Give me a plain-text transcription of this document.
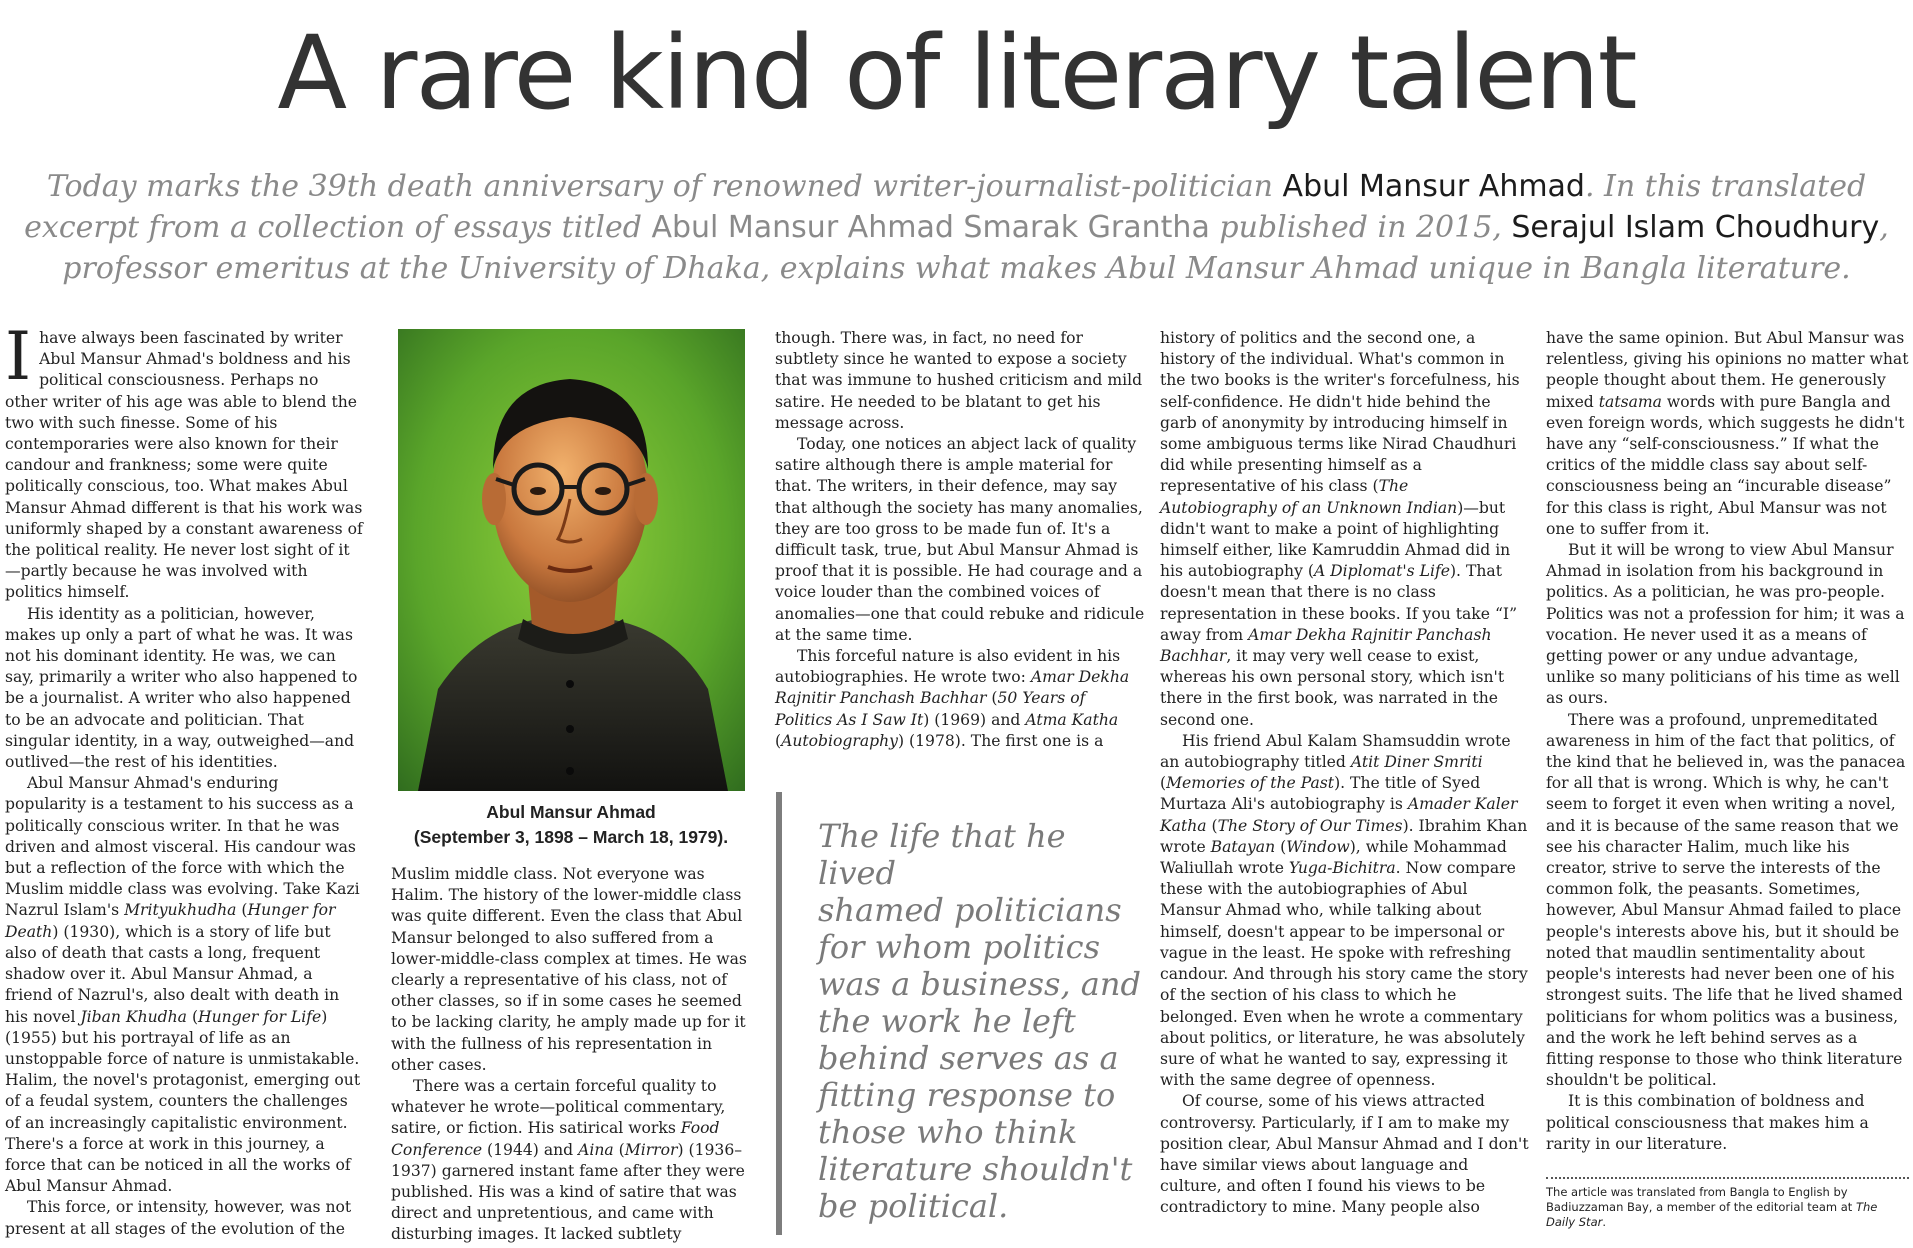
A rare kind of literary talent

Today marks the 39th death anniversary of renowned writer-journalist-politician Abul Mansur Ahmad. In this translated excerpt from a collection of essays titled Abul Mansur Ahmad Smarak Grantha published in 2015, Serajul Islam Choudhury, professor emeritus at the University of Dhaka, explains what makes Abul Mansur Ahmad unique in Bangla literature.

I have always been fascinated by writer Abul Mansur Ahmad's boldness and his political consciousness. Perhaps no other writer of his age was able to blend the two with such finesse. Some of his contemporaries were also known for their candour and frankness; some were quite politically conscious, too. What makes Abul Mansur Ahmad different is that his work was uniformly shaped by a constant awareness of the political reality. He never lost sight of it—partly because he was involved with politics himself.

His identity as a politician, however, makes up only a part of what he was. It was not his dominant identity. He was, we can say, primarily a writer who also happened to be a journalist. A writer who also happened to be an advocate and politician. That singular identity, in a way, outweighed—and outlived—the rest of his identities.

Abul Mansur Ahmad's enduring popularity is a testament to his success as a politically conscious writer. In that he was driven and almost visceral. His candour was but a reflection of the force with which the Muslim middle class was evolving. Take Kazi Nazrul Islam's Mrityukhudha (Hunger for Death) (1930), which is a story of life but also of death that casts a long, frequent shadow over it. Abul Mansur Ahmad, a friend of Nazrul's, also dealt with death in his novel Jiban Khudha (Hunger for Life) (1955) but his portrayal of life as an unstoppable force of nature is unmistakable. Halim, the novel's protagonist, emerging out of a feudal system, counters the challenges of an increasingly capitalistic environment. There's a force at work in this journey, a force that can be noticed in all the works of Abul Mansur Ahmad.

This force, or intensity, however, was not present at all stages of the evolution of the

Abul Mansur Ahmad
(September 3, 1898 – March 18, 1979).

Muslim middle class. Not everyone was Halim. The history of the lower-middle class was quite different. Even the class that Abul Mansur belonged to also suffered from a lower-middle-class complex at times. He was clearly a representative of his class, not of other classes, so if in some cases he seemed to be lacking clarity, he amply made up for it with the fullness of his representation in other cases.

There was a certain forceful quality to whatever he wrote—political commentary, satire, or fiction. His satirical works Food Conference (1944) and Aina (Mirror) (1936–1937) garnered instant fame after they were published. His was a kind of satire that was direct and unpretentious, and came with disturbing images. It lacked subtlety

though. There was, in fact, no need for subtlety since he wanted to expose a society that was immune to hushed criticism and mild satire. He needed to be blatant to get his message across.

Today, one notices an abject lack of quality satire although there is ample material for that. The writers, in their defence, may say that although the society has many anomalies, they are too gross to be made fun of. It's a difficult task, true, but Abul Mansur Ahmad is proof that it is possible. He had courage and a voice louder than the combined voices of anomalies—one that could rebuke and ridicule at the same time.

This forceful nature is also evident in his autobiographies. He wrote two: Amar Dekha Rajnitir Panchash Bachhar (50 Years of Politics As I Saw It) (1969) and Atma Katha (Autobiography) (1978). The first one is a

The life that he lived
shamed politicians
for whom politics
was a business, and
the work he left
behind serves as a
fitting response to
those who think
literature shouldn't
be political.

history of politics and the second one, a history of the individual. What's common in the two books is the writer's forcefulness, his self-confidence. He didn't hide behind the garb of anonymity by introducing himself in some ambiguous terms like Nirad Chaudhuri did while presenting himself as a representative of his class (The Autobiography of an Unknown Indian)—but didn't want to make a point of highlighting himself either, like Kamruddin Ahmad did in his autobiography (A Diplomat's Life). That doesn't mean that there is no class representation in these books. If you take “I” away from Amar Dekha Rajnitir Panchash Bachhar, it may very well cease to exist, whereas his own personal story, which isn't there in the first book, was narrated in the second one.

His friend Abul Kalam Shamsuddin wrote an autobiography titled Atit Diner Smriti (Memories of the Past). The title of Syed Murtaza Ali's autobiography is Amader Kaler Katha (The Story of Our Times). Ibrahim Khan wrote Batayan (Window), while Mohammad Waliullah wrote Yuga-Bichitra. Now compare these with the autobiographies of Abul Mansur Ahmad who, while talking about himself, doesn't appear to be impersonal or vague in the least. He spoke with refreshing candour. And through his story came the story of the section of his class to which he belonged. Even when he wrote a commentary about politics, or literature, he was absolutely sure of what he wanted to say, expressing it with the same degree of openness.

Of course, some of his views attracted controversy. Particularly, if I am to make my position clear, Abul Mansur Ahmad and I don't have similar views about language and culture, and often I found his views to be contradictory to mine. Many people also

have the same opinion. But Abul Mansur was relentless, giving his opinions no matter what people thought about them. He generously mixed tatsama words with pure Bangla and even foreign words, which suggests he didn't have any “self-consciousness.” If what the critics of the middle class say about self-consciousness being an “incurable disease” for this class is right, Abul Mansur was not one to suffer from it.

But it will be wrong to view Abul Mansur Ahmad in isolation from his background in politics. As a politician, he was pro-people. Politics was not a profession for him; it was a vocation. He never used it as a means of getting power or any undue advantage, unlike so many politicians of his time as well as ours.

There was a profound, unpremeditated awareness in him of the fact that politics, of the kind that he believed in, was the panacea for all that is wrong. Which is why, he can't seem to forget it even when writing a novel, and it is because of the same reason that we see his character Halim, much like his creator, strive to serve the interests of the common folk, the peasants. Sometimes, however, Abul Mansur Ahmad failed to place people's interests above his, but it should be noted that maudlin sentimentality about people's interests had never been one of his strongest suits. The life that he lived shamed politicians for whom politics was a business, and the work he left behind serves as a fitting response to those who think literature shouldn't be political.

It is this combination of boldness and political consciousness that makes him a rarity in our literature.

The article was translated from Bangla to English by Badiuzzaman Bay, a member of the editorial team at The Daily Star.
